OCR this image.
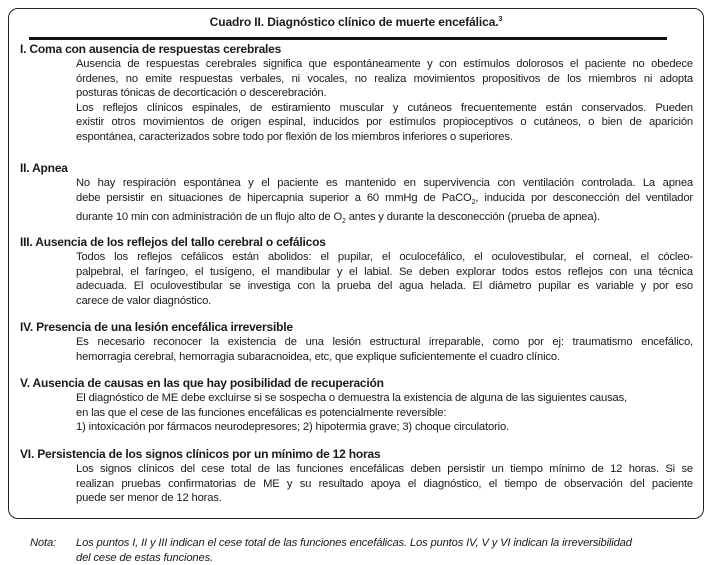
Cuadro II. Diagnóstico clínico de muerte encefálica.$^3$
I. Coma con ausencia de respuestas cerebrales
Ausencia de respuestas cerebrales significa que espontáneamente y con estímulos dolorosos el paciente no obedece
órdenes, no emite respuestas verbales, ni vocales, no realiza movimientos propositivos de los miembros ni adopta
posturas tónicas de decorticación o descerebración.
Los reflejos clínicos espinales, de estiramiento muscular y cutáneos frecuentemente están conservados. Pueden
existir otros movimientos de origen espinal, inducidos por estímulos propioceptivos o cutáneos, o bien de aparición
espontánea, caracterizados sobre todo por flexión de los miembros inferiores o superiores.
II. Apnea
No hay respiración espontánea y el paciente es mantenido en supervivencia con ventilación controlada. La apnea
debe persistir en situaciones de hipercapnia superior a 60 mmHg de PaCO$_2$, inducida por desconección del ventilador
durante 10 min con administración de un flujo alto de $O_2$ antes y durante la desconección (prueba de apnea).
III. Ausencia de los reflejos del tallo cerebral o cefálicos
Todos los reflejos cefálicos están abolidos: el pupilar, el oculocefálico, el oculovestibular, el corneal, el cócleo-
palpebral, el faríngeo, el tusígeno, el mandibular y el labial. Se deben explorar todos estos reflejos con una técnica
adecuada. El oculovestibular se investiga con la prueba del agua helada. El diámetro pupilar es variable y por eso
carece de valor diagnóstico.
IV. Presencia de una lesión encefálica irreversible
Es necesario reconocer la existencia de una lesión estructural irreparable, como por ej: traumatismo encefálico,
hemorragia cerebral, hemorragia subaracnoidea, etc, que explique suficientemente el cuadro clínico.
V. Ausencia de causas en las que hay posibilidad de recuperación
El diagnóstico de ME debe excluirse si se sospecha o demuestra la existencia de alguna de las siguientes causas,
en las que el cese de las funciones encefálicas es potencialmente reversible:
1) intoxicación por fármacos neurodepresores; 2) hipotermia grave; 3) choque circulatorio.
VI. Persistencia de los signos clínicos por un mínimo de 12 horas
Los signos clínicos del cese total de las funciones encefálicas deben persistir un tiempo mínimo de 12 horas. Si se
realizan pruebas confirmatorias de ME y su resultado apoya el diagnóstico, el tiempo de observación del paciente
puede ser menor de 12 horas.
Nota: Los puntos I, II y III indican el cese total de las funciones encefálicas. Los puntos IV, V y VI indican la irreversibilidad
del cese de estas funciones.
